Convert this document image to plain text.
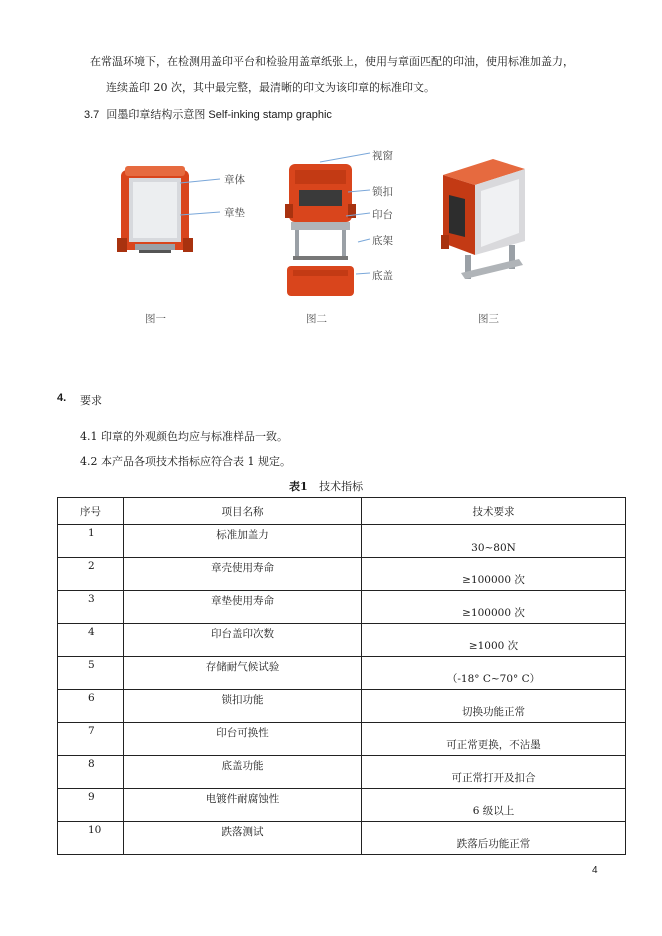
在常温环境下，在检测用盖印平台和检验用盖章纸张上，使用与章面匹配的印油，使用标准加盖力，
连续盖印 20 次，其中最完整，最清晰的印文为该印章的标准印文。
3.7 回墨印章结构示意图 Self-inking stamp graphic
章体
章垫
图一
视窗
锁扣
印台
底架
底盖
图二	图三
4. 要求
4.1 印章的外观颜色均应与标准样品一致。
4.2 本产品各项技术指标应符合表 1 规定。
表1 技术指标
序号	项目名称	技术要求
1	标准加盖力	30~80N
2	章壳使用寿命	≥100000 次
3	章垫使用寿命	≥100000 次
4	印台盖印次数	≥1000 次
5	存储耐气候试验	（-18° C~70° C）
6	锁扣功能	切换功能正常
7	印台可换性	可正常更换，不沾墨
8	底盖功能	可正常打开及扣合
9	电镀件耐腐蚀性	6 级以上
10	跌落测试	跌落后功能正常
4
